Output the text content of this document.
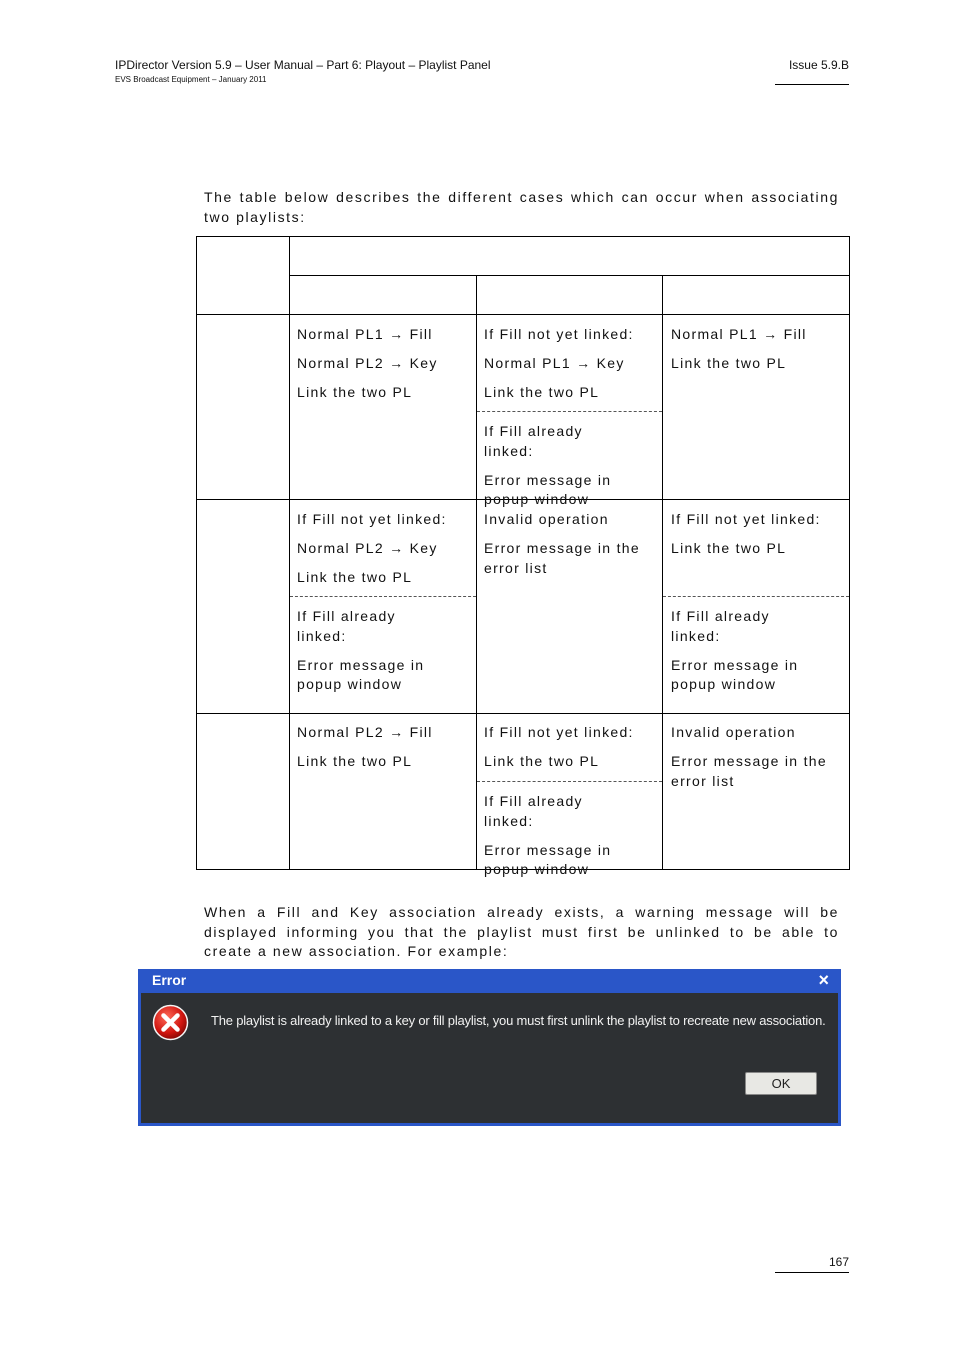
IPDirector Version 5.9 – User Manual – Part 6: Playout – Playlist Panel
EVS Broadcast Equipment – January 2011
Issue 5.9.B
The table below describes the different cases which can occur when associating two playlists:

Normal PL1 → Fill

Normal PL2 → Key

Link the two PL

If Fill not yet linked:

Normal PL1 → Key

Link the two PL

If Fill already linked:

Error message in popup window

Normal PL1 → Fill

Link the two PL

If Fill not yet linked:

Normal PL2 → Key

Link the two PL

If Fill already linked:

Error message in popup window

Invalid operation

Error message in the error list

If Fill not yet linked:

Link the two PL

If Fill already linked:

Error message in popup window

Normal PL2 → Fill

Link the two PL

If Fill not yet linked:

Link the two PL

If Fill already linked:

Error message in popup window

Invalid operation

Error message in the error list

When a Fill and Key association already exists, a warning message will be displayed informing you that the playlist must first be unlinked to be able to create a new association. For example:
Error	×
The playlist is already linked to a key or fill playlist, you must first unlink the playlist to recreate new association.
OK
167
